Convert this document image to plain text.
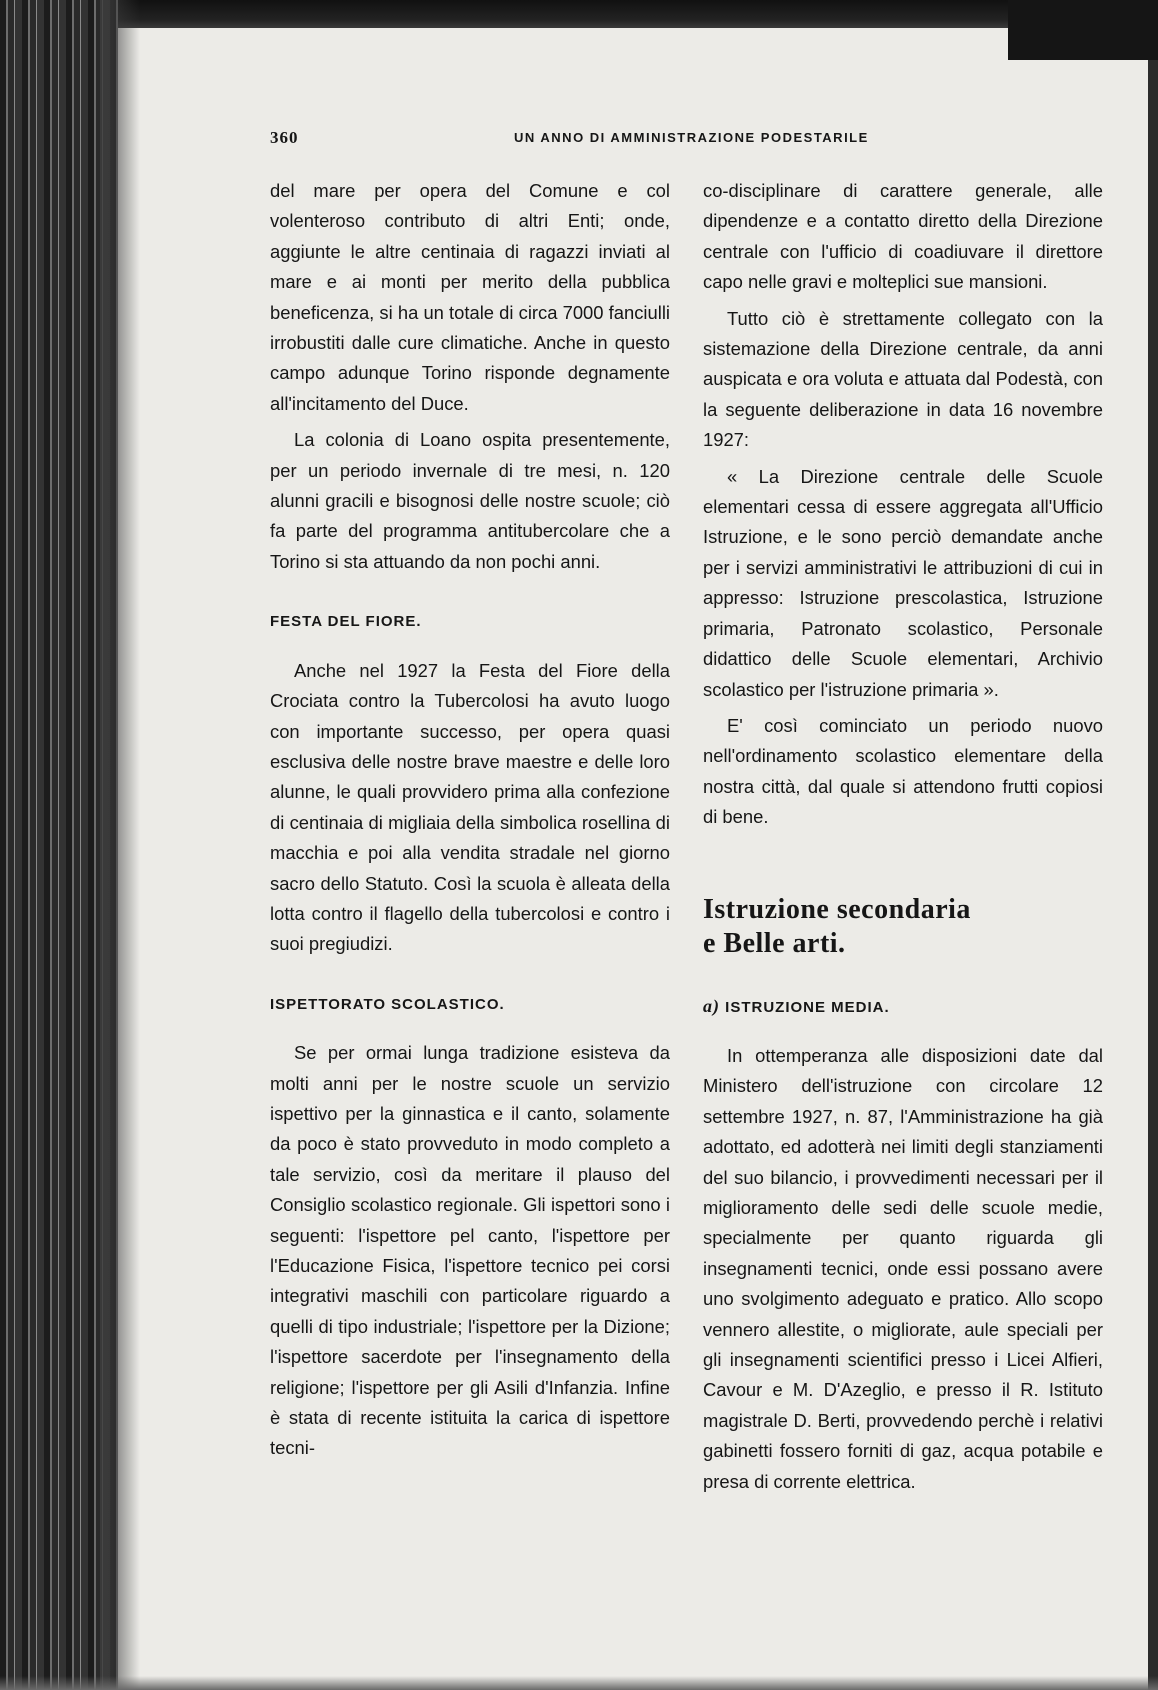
360	UN ANNO DI AMMINISTRAZIONE PODESTARILE

del mare per opera del Comune e col volenteroso contributo di altri Enti; onde, aggiunte le altre centinaia di ragazzi inviati al mare e ai monti per merito della pubblica beneficenza, si ha un totale di circa 7000 fanciulli irrobustiti dalle cure climatiche. Anche in questo campo adunque Torino risponde degnamente all'incitamento del Duce.

La colonia di Loano ospita presentemente, per un periodo invernale di tre mesi, n. 120 alunni gracili e bisognosi delle nostre scuole; ciò fa parte del programma antitubercolare che a Torino si sta attuando da non pochi anni.

FESTA DEL FIORE.

Anche nel 1927 la Festa del Fiore della Crociata contro la Tubercolosi ha avuto luogo con importante successo, per opera quasi esclusiva delle nostre brave maestre e delle loro alunne, le quali provvidero prima alla confezione di centinaia di migliaia della simbolica rosellina di macchia e poi alla vendita stradale nel giorno sacro dello Statuto. Così la scuola è alleata della lotta contro il flagello della tubercolosi e contro i suoi pregiudizi.

ISPETTORATO SCOLASTICO.

Se per ormai lunga tradizione esisteva da molti anni per le nostre scuole un servizio ispettivo per la ginnastica e il canto, solamente da poco è stato provveduto in modo completo a tale servizio, così da meritare il plauso del Consiglio scolastico regionale. Gli ispettori sono i seguenti: l'ispettore pel canto, l'ispettore per l'Educazione Fisica, l'ispettore tecnico pei corsi integrativi maschili con particolare riguardo a quelli di tipo industriale; l'ispettore per la Dizione; l'ispettore sacerdote per l'insegnamento della religione; l'ispettore per gli Asili d'Infanzia. Infine è stata di recente istituita la carica di ispettore tecni-

co-disciplinare di carattere generale, alle dipendenze e a contatto diretto della Direzione centrale con l'ufficio di coadiuvare il direttore capo nelle gravi e molteplici sue mansioni.

Tutto ciò è strettamente collegato con la sistemazione della Direzione centrale, da anni auspicata e ora voluta e attuata dal Podestà, con la seguente deliberazione in data 16 novembre 1927:

« La Direzione centrale delle Scuole elementari cessa di essere aggregata all'Ufficio Istruzione, e le sono perciò demandate anche per i servizi amministrativi le attribuzioni di cui in appresso: Istruzione prescolastica, Istruzione primaria, Patronato scolastico, Personale didattico delle Scuole elementari, Archivio scolastico per l'istruzione primaria ».

E' così cominciato un periodo nuovo nell'ordinamento scolastico elementare della nostra città, dal quale si attendono frutti copiosi di bene.

Istruzione secondaria
e Belle arti.
a) ISTRUZIONE MEDIA.

In ottemperanza alle disposizioni date dal Ministero dell'istruzione con circolare 12 settembre 1927, n. 87, l'Amministrazione ha già adottato, ed adotterà nei limiti degli stanziamenti del suo bilancio, i provvedimenti necessari per il miglioramento delle sedi delle scuole medie, specialmente per quanto riguarda gli insegnamenti tecnici, onde essi possano avere uno svolgimento adeguato e pratico. Allo scopo vennero allestite, o migliorate, aule speciali per gli insegnamenti scientifici presso i Licei Alfieri, Cavour e M. D'Azeglio, e presso il R. Istituto magistrale D. Berti, provvedendo perchè i relativi gabinetti fossero forniti di gaz, acqua potabile e presa di corrente elettrica.
